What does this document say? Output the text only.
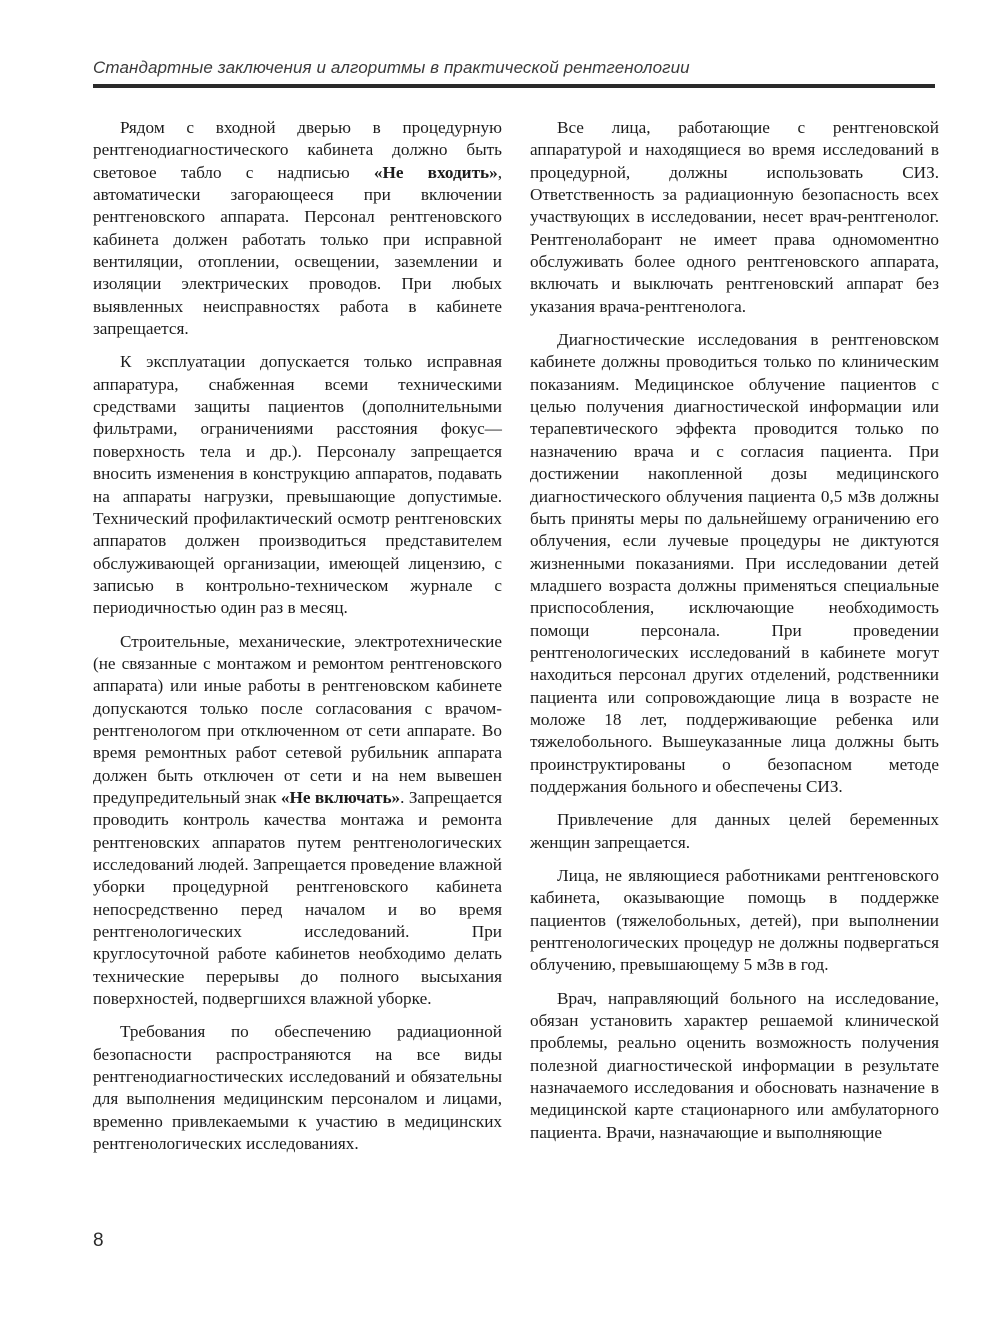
Стандартные заключения и алгоритмы в практической рентгенологии

Рядом с входной дверью в процедурную рентгенодиагностического кабинета должно быть световое табло с надписью «Не входить», автоматически загорающееся при включении рентгеновского аппарата. Персонал рентгеновского кабинета должен работать только при исправной вентиляции, отоплении, освещении, заземлении и изоляции электрических проводов. При любых выявленных неисправностях работа в кабинете запрещается.

К эксплуатации допускается только исправная аппаратура, снабженная всеми техническими средствами защиты пациентов (дополнительными фильтрами, ограничениями расстояния фокус—поверхность тела и др.). Персоналу запрещается вносить изменения в конструкцию аппаратов, подавать на аппараты нагрузки, превышающие допустимые. Технический профилактический осмотр рентгеновских аппаратов должен производиться представителем обслуживающей организации, имеющей лицензию, с записью в контрольно-техническом журнале с периодичностью один раз в месяц.

Строительные, механические, электротехнические (не связанные с монтажом и ремонтом рентгеновского аппарата) или иные работы в рентгеновском кабинете допускаются только после согласования с врачом-рентгенологом при отключенном от сети аппарате. Во время ремонтных работ сетевой рубильник аппарата должен быть отключен от сети и на нем вывешен предупредительный знак «Не включать». Запрещается проводить контроль качества монтажа и ремонта рентгеновских аппаратов путем рентгенологических исследований людей. Запрещается проведение влажной уборки процедурной рентгеновского кабинета непосредственно перед началом и во время рентгенологических исследований. При круглосуточной работе кабинетов необходимо делать технические перерывы до полного высыхания поверхностей, подвергшихся влажной уборке.

Требования по обеспечению радиационной безопасности распространяются на все виды рентгенодиагностических исследований и обязательны для выполнения медицинским персоналом и лицами, временно привлекаемыми к участию в медицинских рентгенологических исследованиях.

Все лица, работающие с рентгеновской аппаратурой и находящиеся во время исследований в процедурной, должны использовать СИЗ. Ответственность за радиационную безопасность всех участвующих в исследовании, несет врач-рентгенолог. Рентгенолаборант не имеет права одномоментно обслуживать более одного рентгеновского аппарата, включать и выключать рентгеновский аппарат без указания врача-рентгенолога.

Диагностические исследования в рентгеновском кабинете должны проводиться только по клиническим показаниям. Медицинское облучение пациентов с целью получения диагностической информации или терапевтического эффекта проводится только по назначению врача и с согласия пациента. При достижении накопленной дозы медицинского диагностического облучения пациента 0,5 мЗв должны быть приняты меры по дальнейшему ограничению его облучения, если лучевые процедуры не диктуются жизненными показаниями. При исследовании детей младшего возраста должны применяться специальные приспособления, исключающие необходимость помощи персонала. При проведении рентгенологических исследований в кабинете могут находиться персонал других отделений, родственники пациента или сопровождающие лица в возрасте не моложе 18 лет, поддерживающие ребенка или тяжелобольного. Вышеуказанные лица должны быть проинструктированы о безопасном методе поддержания больного и обеспечены СИЗ.

Привлечение для данных целей беременных женщин запрещается.

Лица, не являющиеся работниками рентгеновского кабинета, оказывающие помощь в поддержке пациентов (тяжелобольных, детей), при выполнении рентгенологических процедур не должны подвергаться облучению, превышающему 5 мЗв в год.

Врач, направляющий больного на исследование, обязан установить характер решаемой клинической проблемы, реально оценить возможность получения полезной диагностической информации в результате назначаемого исследования и обосновать назначение в медицинской карте стационарного или амбулаторного пациента. Врачи, назначающие и выполняющие

8
